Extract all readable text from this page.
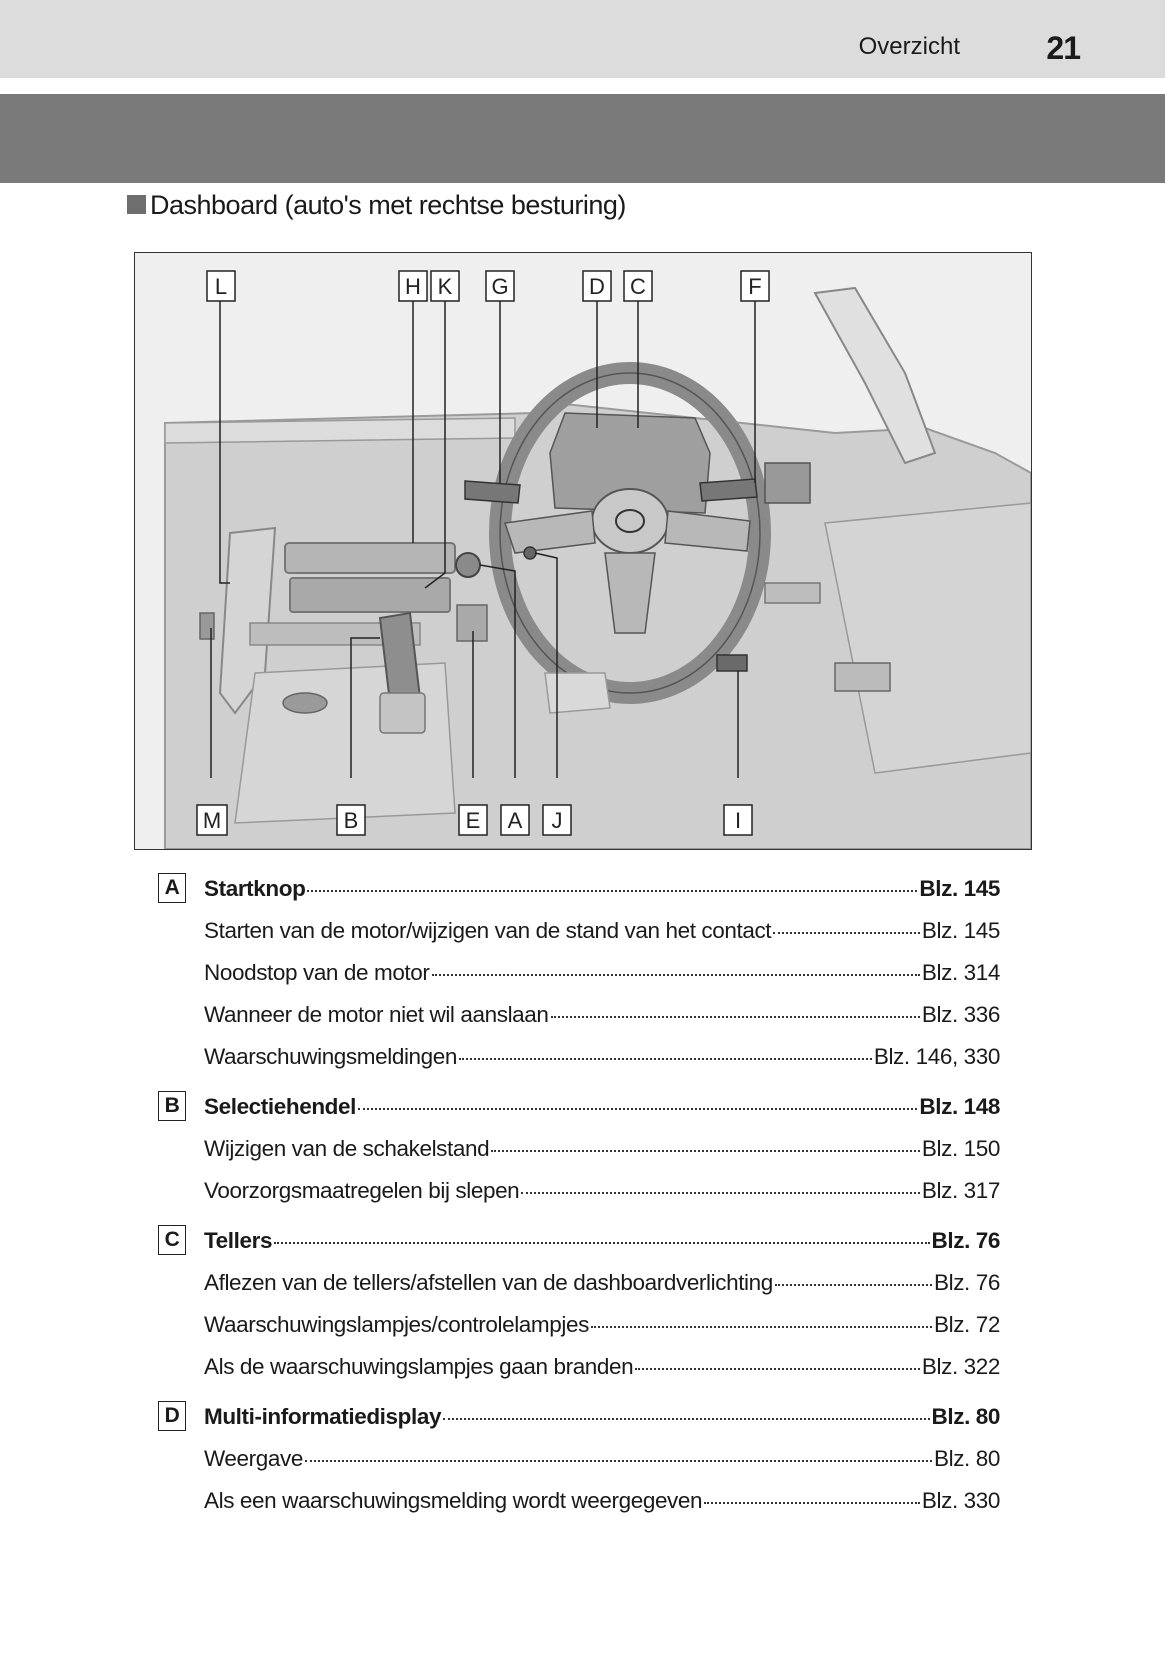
Overzicht	21
Dashboard (auto's met rechtse besturing)
L	H K G	D C	F
M	B	E A J	I
A Startknop	Blz. 145
Starten van de motor/wijzigen van de stand van het contact	Blz. 145
Noodstop van de motor	Blz. 314
Wanneer de motor niet wil aanslaan	Blz. 336
Waarschuwingsmeldingen	Blz. 146, 330
B Selectiehendel	Blz. 148
Wijzigen van de schakelstand	Blz. 150
Voorzorgsmaatregelen bij slepen	Blz. 317
C Tellers	Blz. 76
Aflezen van de tellers/afstellen van de dashboardverlichting	Blz. 76
Waarschuwingslampjes/controlelampjes	Blz. 72
Als de waarschuwingslampjes gaan branden	Blz. 322
D Multi-informatiedisplay	Blz. 80
Weergave	Blz. 80
Als een waarschuwingsmelding wordt weergegeven	Blz. 330
